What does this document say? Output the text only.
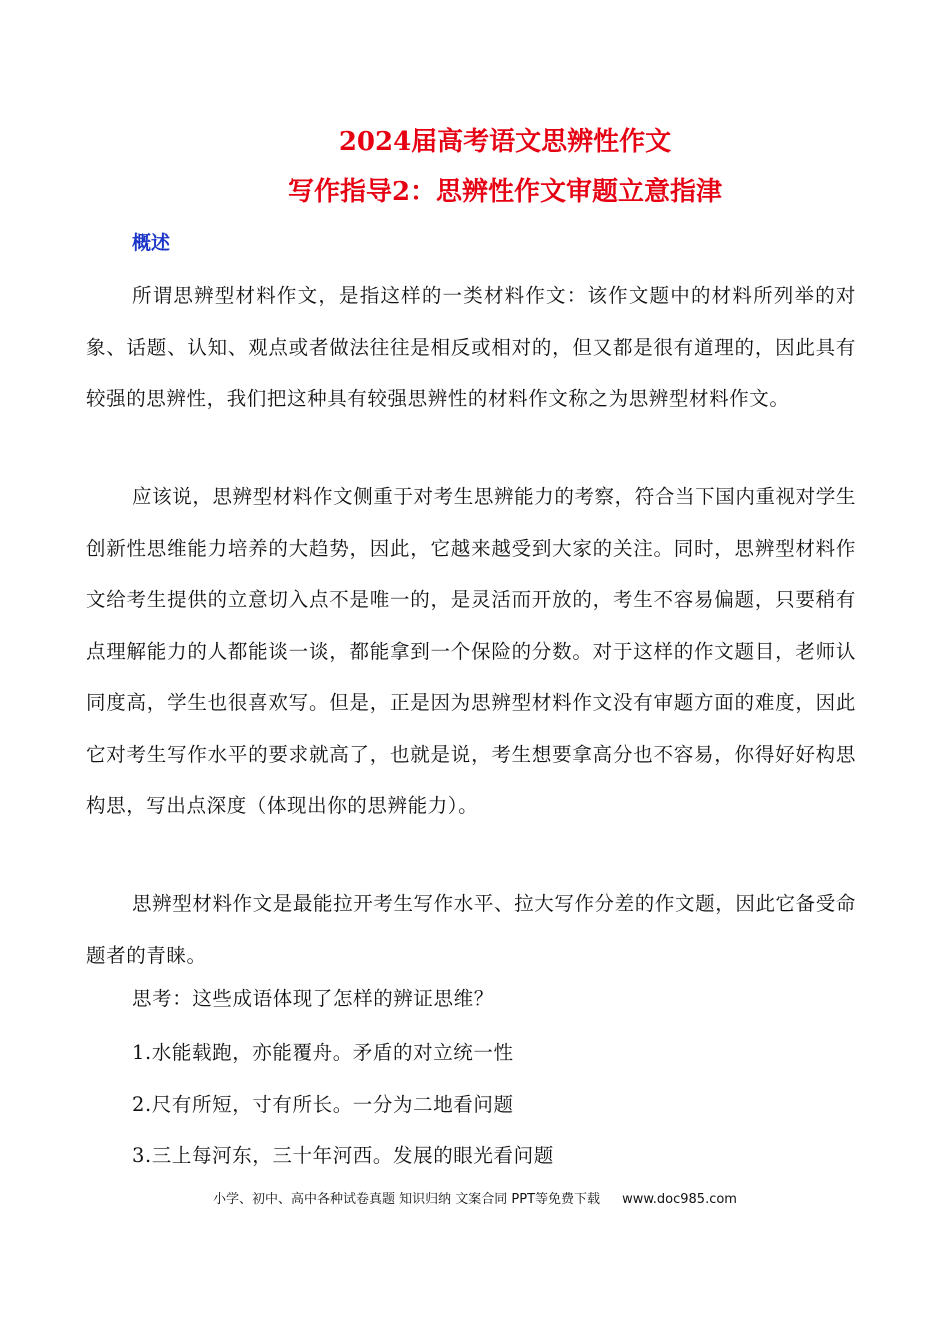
2024届高考语文思辨性作文
写作指导2：思辨性作文审题立意指津
概述

所谓思辨型材料作文，是指这样的一类材料作文：该作文题中的材料所列举的对象、话题、认知、观点或者做法往往是相反或相对的，但又都是很有道理的，因此具有较强的思辨性，我们把这种具有较强思辨性的材料作文称之为思辨型材料作文。

应该说，思辨型材料作文侧重于对考生思辨能力的考察，符合当下国内重视对学生创新性思维能力培养的大趋势，因此，它越来越受到大家的关注。同时，思辨型材料作文给考生提供的立意切入点不是唯一的，是灵活而开放的，考生不容易偏题，只要稍有点理解能力的人都能谈一谈，都能拿到一个保险的分数。对于这样的作文题目，老师认同度高，学生也很喜欢写。但是，正是因为思辨型材料作文没有审题方面的难度，因此它对考生写作水平的要求就高了，也就是说，考生想要拿高分也不容易，你得好好构思构思，写出点深度（体现出你的思辨能力）。

思辨型材料作文是最能拉开考生写作水平、拉大写作分差的作文题，因此它备受命题者的青睐。

思考：这些成语体现了怎样的辨证思维？
1.水能载跑，亦能覆舟。矛盾的对立统一性
2.尺有所短，寸有所长。一分为二地看问题
3.三上每河东，三十年河西。发展的眼光看问题
小学、初中、高中各种试卷真题 知识归纳 文案合同 PPT等免费下载 www.doc985.com
